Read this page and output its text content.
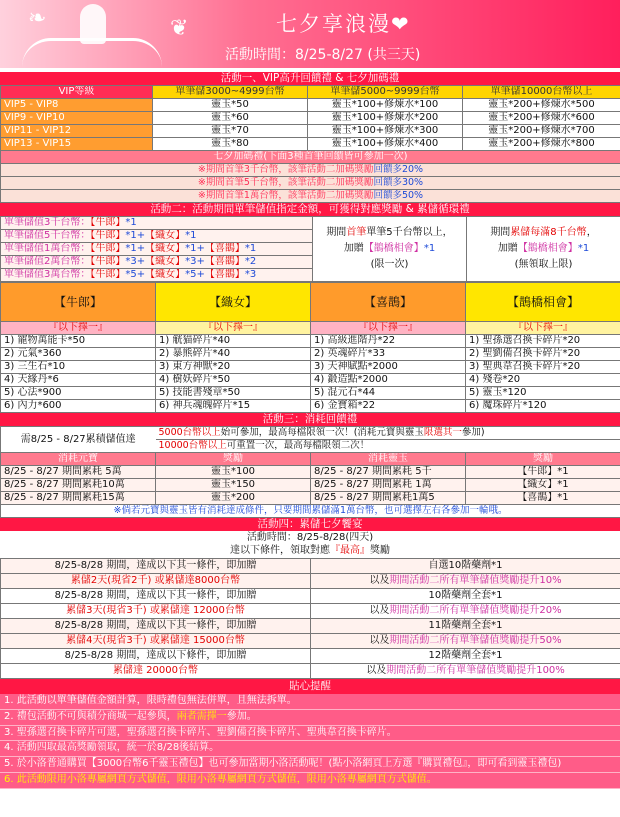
❧	❦	七夕享浪漫❤
活動時間：8/25-8/27 (共三天)
活動一、VIP高升回饋禮 & 七夕加碼禮
VIP等級	單筆儲3000~4999台幣	單筆儲5000~9999台幣	單筆儲10000台幣以上
VIP5 - VIP8	靈玉*50	靈玉*100+修煉水*100	靈玉*200+修煉水*500
VIP9 - VIP10	靈玉*60	靈玉*100+修煉水*200	靈玉*200+修煉水*600
VIP11 - VIP12	靈玉*70	靈玉*100+修煉水*300	靈玉*200+修煉水*700
VIP13 - VIP15	靈玉*80	靈玉*100+修煉水*400	靈玉*200+修煉水*800
七夕加碼禮(下面3種首筆回饋皆可參加一次)			
※期間首筆3千台幣，該筆活動二加碼獎勵回饋多20%			
※期間首筆5千台幣，該筆活動二加碼獎勵回饋多30%			
※期間首筆1萬台幣，該筆活動二加碼獎勵回饋多50%			
活動二：活動期間單筆儲值指定金額，可獲得對應獎勵 & 累儲循環禮
單筆儲值3千台幣：【牛郎】*1	
期間首筆單筆5千台幣以上，
加贈【鵲橋相會】*1
(限一次)

期間累儲每滿8千台幣，
加贈【鵲橋相會】*1
(無領取上限)

單筆儲值5千台幣：【牛郎】*1+【織女】*1
單筆儲值1萬台幣：【牛郎】*1+【織女】*1+【喜鵲】*1
單筆儲值2萬台幣：【牛郎】*3+【織女】*3+【喜鵲】*2
單筆儲值3萬台幣：【牛郎】*5+【織女】*5+【喜鵲】*3
【牛郎】	【織女】	【喜鵲】	【鵲橋相會】
『以下擇一』	『以下擇一』	『以下擇一』	『以下擇一』
1) 寵物萬能卡*50	1) 觥猫碎片*40	1) 高級進階丹*22	1) 聖孫選召換卡碎片*20
2) 元氣*360	2) 暴熊碎片*40	2) 英魂碎片*33	2) 聖劉備召換卡碎片*20
3) 三生石*10	3) 東方神獸*20	3) 天神賦點*2000	3) 聖典韋召換卡碎片*20
4) 天緣丹*6	4) 樹妖碎片*50	4) 鍛造點*2000	4) 殘卷*20
5) 心法*900	5) 技能書殘章*50	5) 混元石*44	5) 靈玉*120
6) 內力*600	6) 神兵魂魄碎片*15	6) 金寶箱*22	6) 魔珠碎片*120
活動三：消耗回饋禮
需8/25 - 8/27累積儲值達	5000台幣以上始可參加，最高每檔限領一次！(消耗元寶與靈玉限選其一參加)		
	10000台幣以上可重置一次，最高每檔限領二次！		
消耗元寶	獎勵	消耗靈玉	獎勵
8/25 - 8/27 期間累耗 5萬	靈玉*100	8/25 - 8/27 期間累耗 5千	【牛郎】*1
8/25 - 8/27 期間累耗10萬	靈玉*150	8/25 - 8/27 期間累耗 1萬	【織女】*1
8/25 - 8/27 期間累耗15萬	靈玉*200	8/25 - 8/27 期間累耗1萬5	【喜鵲】*1
※倘若元寶與靈玉皆有消耗達成條件，只要期間累儲滿1萬台幣，也可選擇左右各參加一輪哦。			
活動四：累儲七夕饗宴
活動時間：8/25-8/28(四天)
達以下條件，領取對應『最高』獎勵
8/25-8/28 期間，達成以下其一條件，即加贈	自選10階藥劑*1
累儲2天(現省2千) 或累儲達8000台幣	以及期間活動二所有單筆儲值獎勵提升10%
8/25-8/28 期間，達成以下其一條件，即加贈	10階藥劑全套*1
累儲3天(現省3千) 或累儲達 12000台幣	以及期間活動二所有單筆儲值獎勵提升20%
8/25-8/28 期間，達成以下其一條件，即加贈	11階藥劑全套*1
累儲4天(現省3千) 或累儲達 15000台幣	以及期間活動二所有單筆儲值獎勵提升50%
8/25-8/28 期間，達成以下條件，即加贈	12階藥劑全套*1
累儲達 20000台幣	以及期間活動二所有單筆儲值獎勵提升100%
貼心提醒
1. 此活動以單筆儲值金額計算，限時禮包無法併單，且無法拆單。
2. 禮包活動不可與積分商城一起參與，兩者需擇一參加。
3. 聖孫選召換卡碎片可選，聖孫選召換卡碎片、聖劉備召換卡碎片、聖典韋召換卡碎片。
4. 活動四取最高獎勵領取，統一於8/28後結算。
5. 於小洛普通購買【3000台幣6千靈玉禮包】也可參加當期小洛活動呢！(點小洛網頁上方選『購買禮包』，即可看到靈玉禮包)
6. 此活動限用小洛專屬網頁方式儲值，限用小洛專屬網頁方式儲值，限用小洛專屬網頁方式儲值。
